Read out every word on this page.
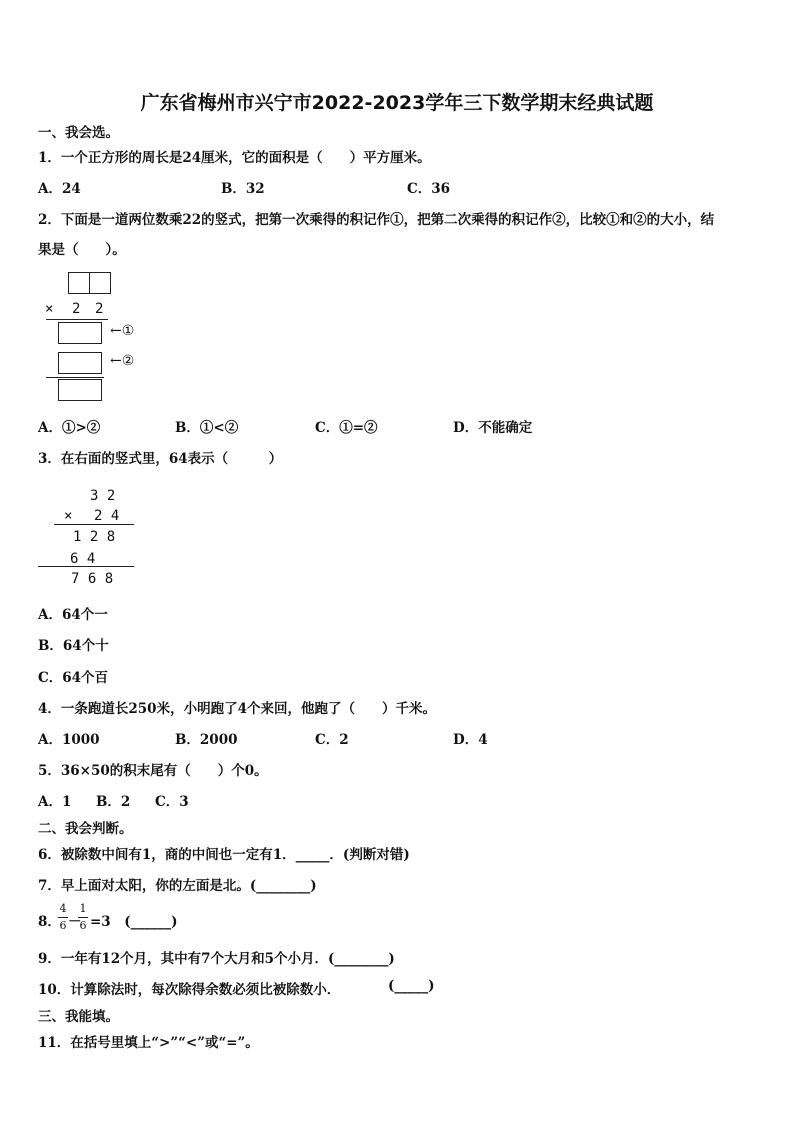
广东省梅州市兴宁市2022-2023学年三下数学期末经典试题
一、我会选。
1．一个正方形的周长是24厘米，它的面积是（　　）平方厘米。
A．24	B．32	C．36
2．下面是一道两位数乘22的竖式，把第一次乘得的积记作①，把第二次乘得的积记作②，比较①和②的大小，结
果是（　　）。
× 2 2
←①
←②
A．①>②	B．①<②	C．①=②	D．不能确定
3．在右面的竖式里，64表示（　　　）
3 2
× 2 4
1 2 8
6 4
7 6 8
A．64个一
B．64个十
C．64个百
4．一条跑道长250米，小明跑了4个来回，他跑了（　　）千米。
A．1000	B．2000	C．2	D．4
5．36×50的积末尾有（　　）个0。
A．1 B．2 C．3
二、我会判断。
6．被除数中间有1，商的中间也一定有1．_____．(判断对错)
7．早上面对太阳，你的左面是北。(________)
8．
4
6 －
1
6 =3　(______)
9．一年有12个月，其中有7个大月和5个小月．(________)
10．计算除法时，每次除得余数必须比被除数小．	(_____)
三、我能填。
11．在括号里填上“>”“<”或“=”。
